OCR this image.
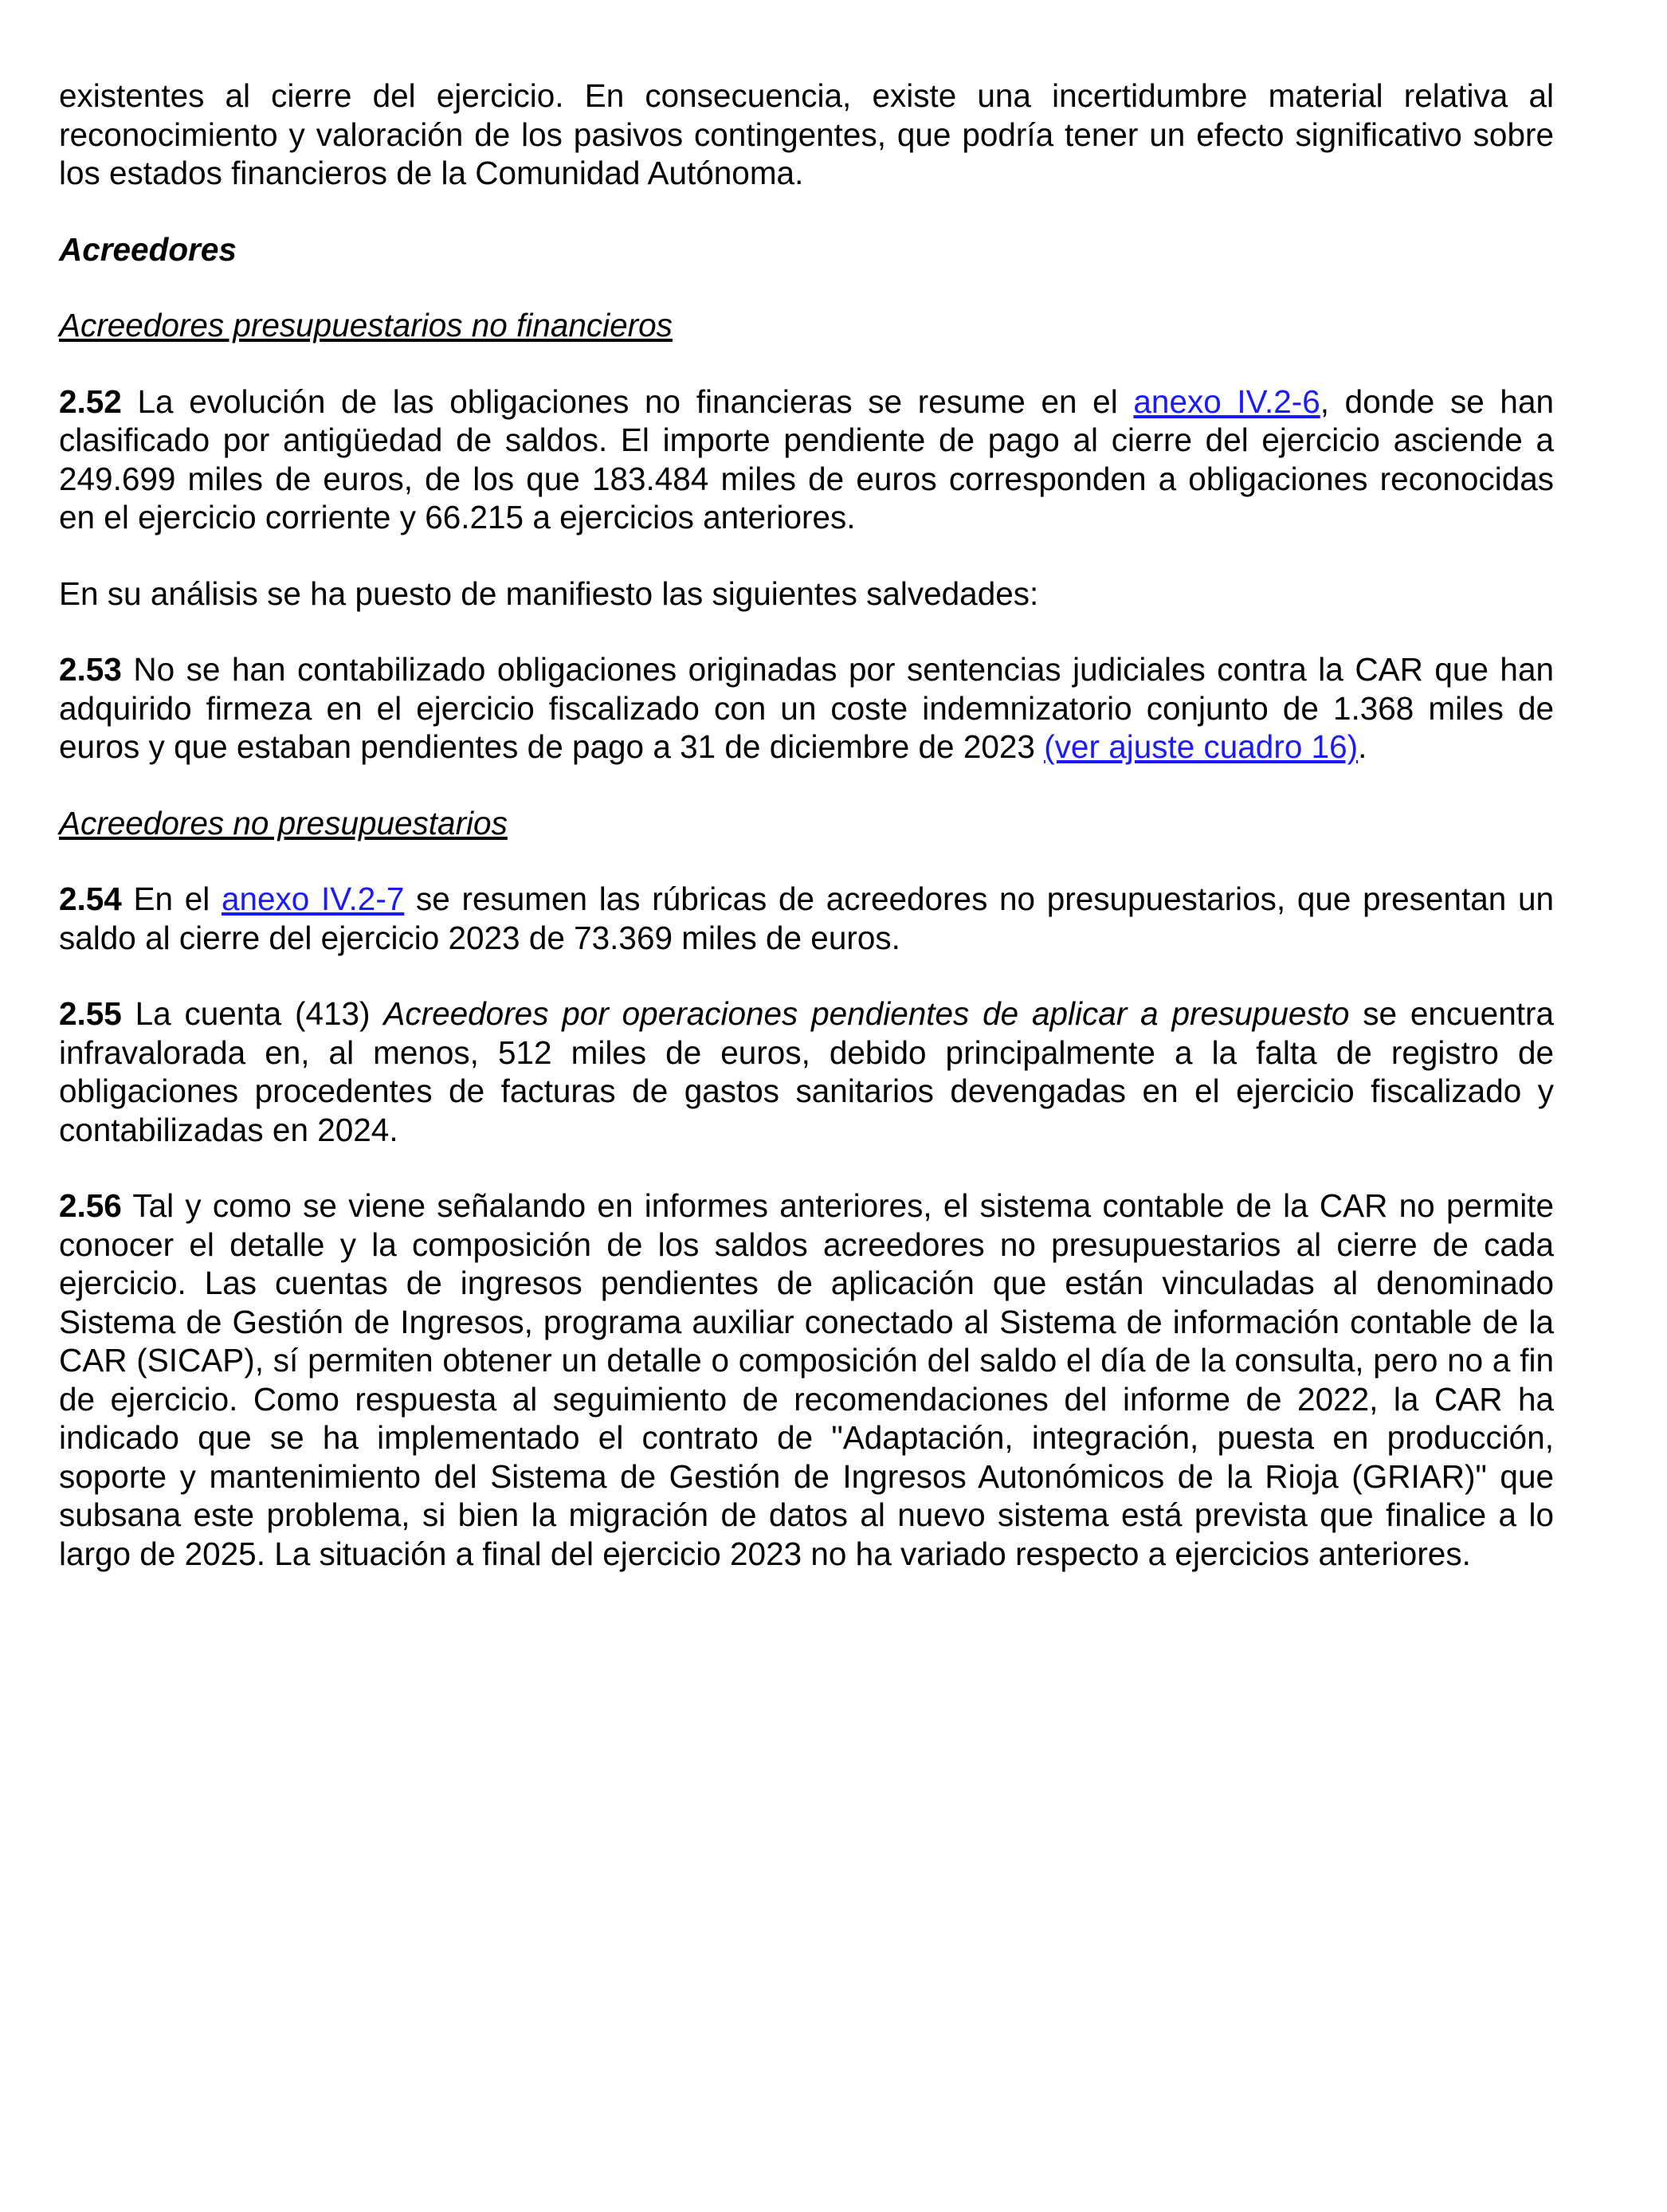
existentes al cierre del ejercicio. En consecuencia, existe una incertidumbre material relativa al reconocimiento y valoración de los pasivos contingentes, que podría tener un efecto significativo sobre los estados financieros de la Comunidad Autónoma.

Acreedores

Acreedores presupuestarios no financieros

2.52 La evolución de las obligaciones no financieras se resume en el anexo IV.2-6, donde se han clasificado por antigüedad de saldos. El importe pendiente de pago al cierre del ejercicio asciende a 249.699 miles de euros, de los que 183.484 miles de euros corresponden a obligaciones reconocidas en el ejercicio corriente y 66.215 a ejercicios anteriores.

En su análisis se ha puesto de manifiesto las siguientes salvedades:

2.53 No se han contabilizado obligaciones originadas por sentencias judiciales contra la CAR que han adquirido firmeza en el ejercicio fiscalizado con un coste indemnizatorio conjunto de 1.368 miles de euros y que estaban pendientes de pago a 31 de diciembre de 2023 (ver ajuste cuadro 16).

Acreedores no presupuestarios

2.54 En el anexo IV.2-7 se resumen las rúbricas de acreedores no presupuestarios, que presentan un saldo al cierre del ejercicio 2023 de 73.369 miles de euros.

2.55 La cuenta (413) Acreedores por operaciones pendientes de aplicar a presupuesto se encuentra infravalorada en, al menos, 512 miles de euros, debido principalmente a la falta de registro de obligaciones procedentes de facturas de gastos sanitarios devengadas en el ejercicio fiscalizado y contabilizadas en 2024.

2.56 Tal y como se viene señalando en informes anteriores, el sistema contable de la CAR no permite conocer el detalle y la composición de los saldos acreedores no presupuestarios al cierre de cada ejercicio. Las cuentas de ingresos pendientes de aplicación que están vinculadas al denominado Sistema de Gestión de Ingresos, programa auxiliar conectado al Sistema de información contable de la CAR (SICAP), sí permiten obtener un detalle o composición del saldo el día de la consulta, pero no a fin de ejercicio. Como respuesta al seguimiento de recomendaciones del informe de 2022, la CAR ha indicado que se ha implementado el contrato de "Adaptación, integración, puesta en producción, soporte y mantenimiento del Sistema de Gestión de Ingresos Autonómicos de la Rioja (GRIAR)" que subsana este problema, si bien la migración de datos al nuevo sistema está prevista que finalice a lo largo de 2025. La situación a final del ejercicio 2023 no ha variado respecto a ejercicios anteriores.
